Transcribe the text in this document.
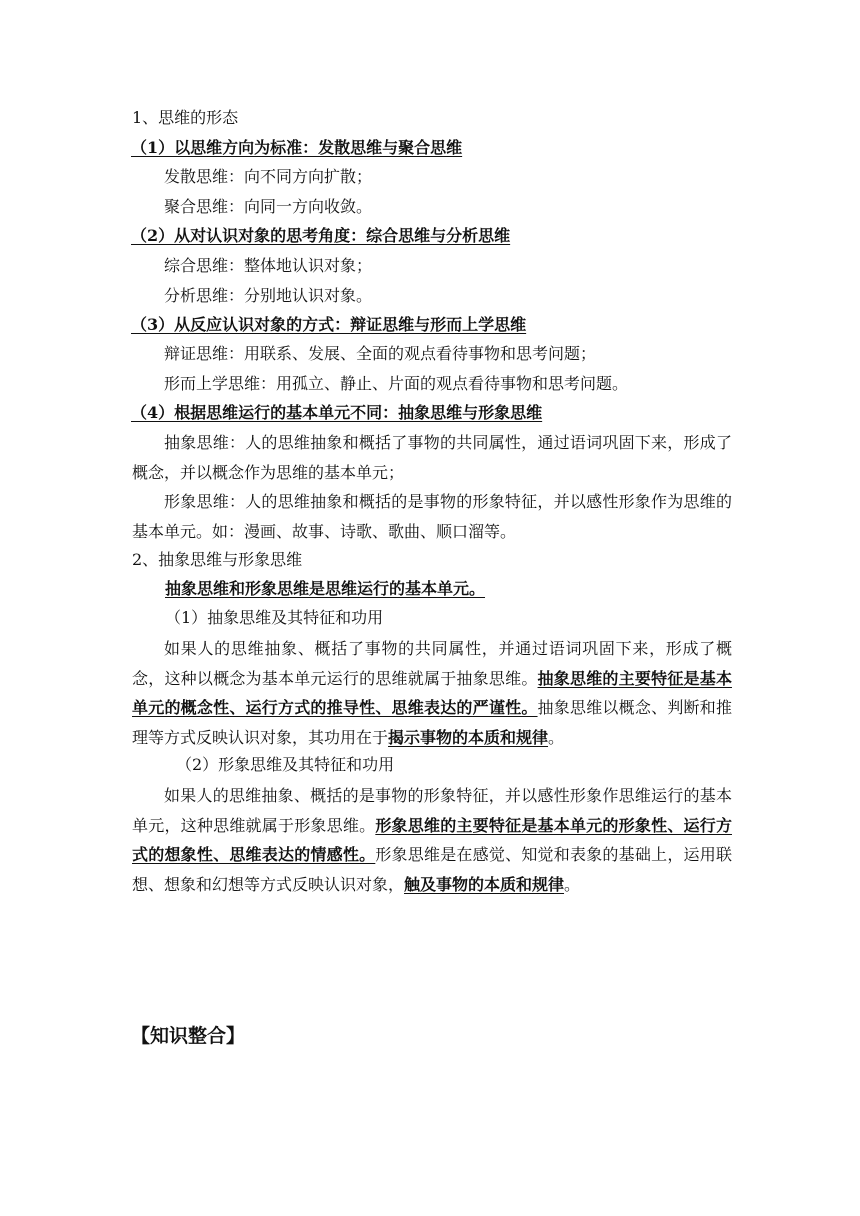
1、思维的形态
（1）以思维方向为标准：发散思维与聚合思维
发散思维：向不同方向扩散；
聚合思维：向同一方向收敛。
（2）从对认识对象的思考角度：综合思维与分析思维
综合思维：整体地认识对象；
分析思维：分别地认识对象。
（3）从反应认识对象的方式：辩证思维与形而上学思维
辩证思维：用联系、发展、全面的观点看待事物和思考问题；
形而上学思维：用孤立、静止、片面的观点看待事物和思考问题。
（4）根据思维运行的基本单元不同：抽象思维与形象思维
抽象思维：人的思维抽象和概括了事物的共同属性，通过语词巩固下来，形成了概念，并以概念作为思维的基本单元；
形象思维：人的思维抽象和概括的是事物的形象特征，并以感性形象作为思维的基本单元。如：漫画、故事、诗歌、歌曲、顺口溜等。
2、抽象思维与形象思维
抽象思维和形象思维是思维运行的基本单元。
（1）抽象思维及其特征和功用
如果人的思维抽象、概括了事物的共同属性，并通过语词巩固下来，形成了概念，这种以概念为基本单元运行的思维就属于抽象思维。抽象思维的主要特征是基本单元的概念性、运行方式的推导性、思维表达的严谨性。抽象思维以概念、判断和推理等方式反映认识对象，其功用在于揭示事物的本质和规律。
（2）形象思维及其特征和功用
如果人的思维抽象、概括的是事物的形象特征，并以感性形象作思维运行的基本单元，这种思维就属于形象思维。形象思维的主要特征是基本单元的形象性、运行方式的想象性、思维表达的情感性。形象思维是在感觉、知觉和表象的基础上，运用联想、想象和幻想等方式反映认识对象，触及事物的本质和规律。
【知识整合】
